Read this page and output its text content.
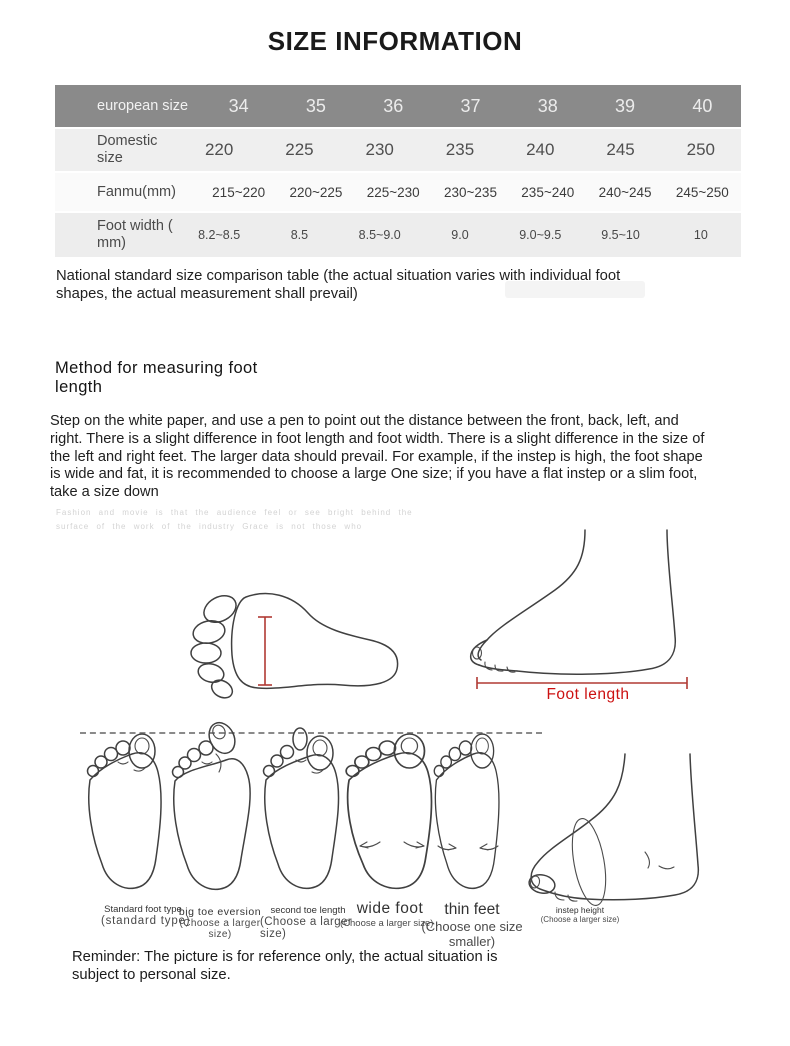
SIZE INFORMATION
european size	34	35	36	37	38	39	40
Domestic size	220	225	230	235	240	245	250
Fanmu(mm)	215~220	220~225	225~230	230~235	235~240	240~245	245~250
Foot width ( mm)	8.2~8.5	8.5	8.5~9.0	9.0	9.0~9.5	9.5~10	10

National standard size comparison table (the actual situation varies with individual foot shapes, the actual measurement shall prevail)

Method for measuring foot length

Step on the white paper, and use a pen to point out the distance between the front, back, left, and right. There is a slight difference in foot length and foot width. There is a slight difference in the size of the left and right feet. The larger data should prevail. For example, if the instep is high, the foot shape is wide and fat, it is recommended to choose a large One size; if you have a flat instep or a slim foot, take a size down

Fashion and movie is that the audience feel or see bright behind the surface of the work of the industry Grace is not those who

Foot length
Standard foot type
(standard type)
big toe eversion
(Choose a larger size)
second toe length
(Choose a larger size)
wide foot
(Choose a larger size)
thin feet
(Choose one size smaller)
instep height
(Choose a larger size)

Reminder: The picture is for reference only, the actual situation is subject to personal size.
